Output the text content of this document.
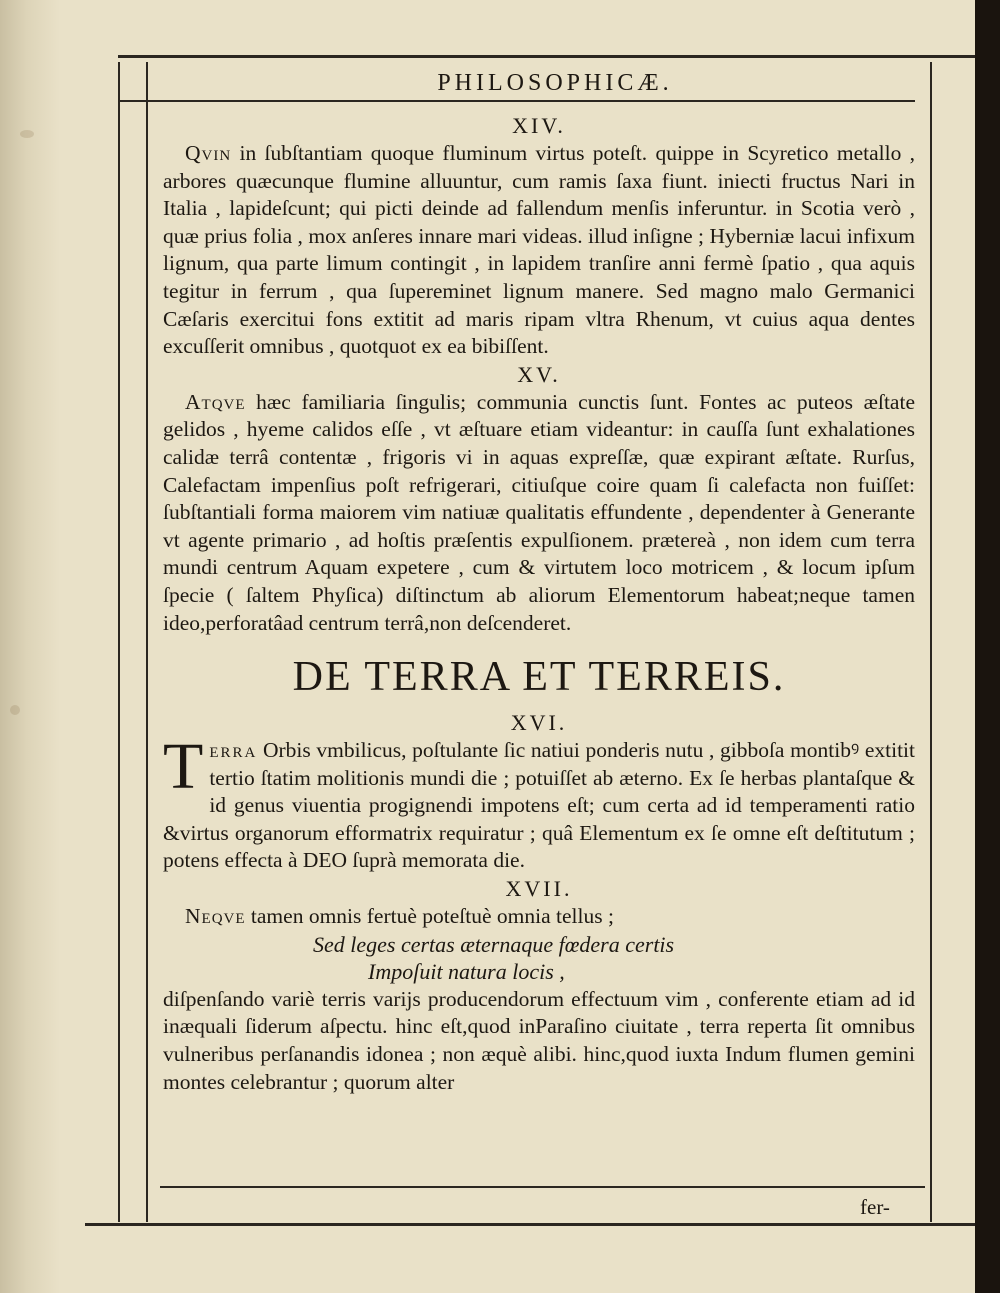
PHILOSOPHICÆ.

XIV.

Qvin in ſubſtantiam quoque fluminum virtus poteſt. quippe in Scyretico metallo , arbores quæcunque flumine alluuntur, cum ramis ſaxa fiunt. iniecti fructus Nari in Italia , lapideſcunt; qui picti deinde ad fallendum menſis inferuntur. in Scotia verò , quæ prius folia , mox anſeres innare mari videas. illud inſigne ; Hyberniæ lacui infixum lignum, qua parte limum contingit , in lapidem tranſire anni fermè ſpatio , qua aquis tegitur in ferrum , qua ſupereminet lignum manere. Sed magno malo Germanici Cæſaris exercitui fons extitit ad maris ripam vltra Rhenum, vt cuius aqua dentes excuſſerit omnibus , quotquot ex ea bibiſſent.

XV.

Atqve hæc familiaria ſingulis; communia cunctis ſunt. Fontes ac puteos æſtate gelidos , hyeme calidos eſſe , vt æſtuare etiam videantur: in cauſſa ſunt exhalationes calidæ terrâ contentæ , frigoris vi in aquas expreſſæ, quæ expirant æſtate. Rurſus, Calefactam impenſius poſt refrigerari, citiuſque coire quam ſi calefacta non fuiſſet: ſubſtantiali forma maiorem vim natiuæ qualitatis effundente , dependenter à Generante vt agente primario , ad hoſtis præſentis expulſionem. prætereà , non idem cum terra mundi centrum Aquam expetere , cum & virtutem loco motricem , & locum ipſum ſpecie ( ſaltem Phyſica) diſtinctum ab aliorum Elementorum habeat;neque tamen ideo,perforatâad centrum terrâ,non deſcenderet.

DE TERRA ET TERREIS.

XVI.

Terra Orbis vmbilicus, poſtulante ſic natiui ponderis nutu , gibboſa montibꝰ extitit tertio ſtatim molitionis mundi die ; potuiſſet ab æterno. Ex ſe herbas plantaſque & id genus viuentia progignendi impotens eſt; cum certa ad id temperamenti ratio &virtus organorum efformatrix requiratur ; quâ Elementum ex ſe omne eſt deſtitutum ; potens effecta à DEO ſuprà memorata die.

XVII.

Neqve tamen omnis fertuè poteſtuè omnia tellus ;

Sed leges certas æternaque fœdera certis

Impoſuit natura locis ,

diſpenſando variè terris varijs producendorum effectuum vim , conferente etiam ad id inæquali ſiderum aſpectu. hinc eſt,quod inParaſino ciuitate , terra reperta ſit omnibus vulneribus perſanandis idonea ; non æquè alibi. hinc,quod iuxta Indum flumen gemini montes celebrantur ; quorum alter

fer-
